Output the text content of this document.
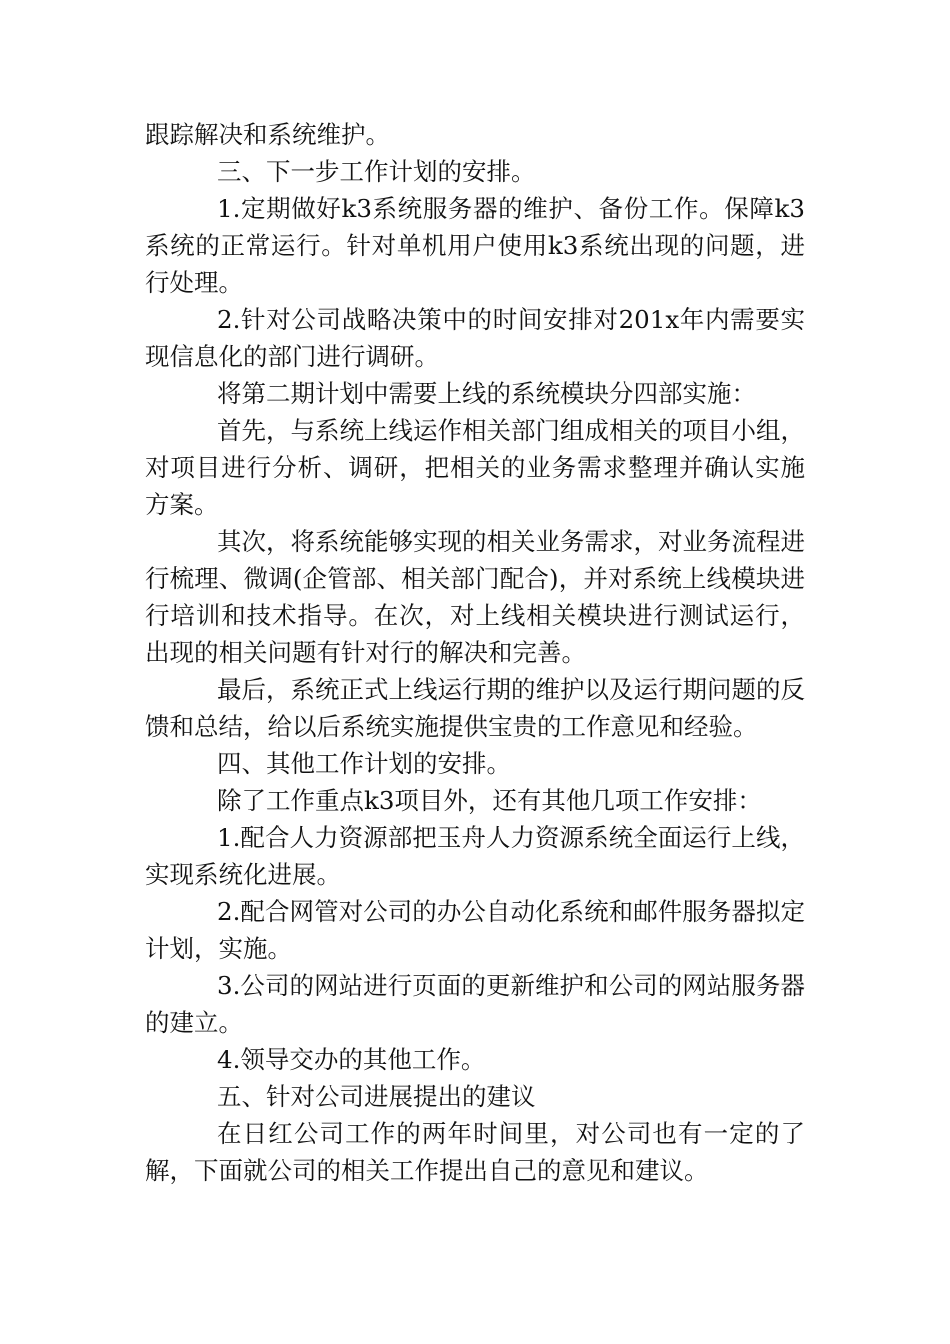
跟踪解决和系统维护。

三、下一步工作计划的安排。

1.定期做好k3系统服务器的维护、备份工作。保障k3系统的正常运行。针对单机用户使用k3系统出现的问题，进行处理。

2.针对公司战略决策中的时间安排对201x年内需要实现信息化的部门进行调研。

将第二期计划中需要上线的系统模块分四部实施：

首先，与系统上线运作相关部门组成相关的项目小组，对项目进行分析、调研，把相关的业务需求整理并确认实施方案。

其次，将系统能够实现的相关业务需求，对业务流程进行梳理、微调(企管部、相关部门配合)，并对系统上线模块进行培训和技术指导。在次，对上线相关模块进行测试运行，出现的相关问题有针对行的解决和完善。

最后，系统正式上线运行期的维护以及运行期问题的反馈和总结，给以后系统实施提供宝贵的工作意见和经验。

四、其他工作计划的安排。

除了工作重点k3项目外，还有其他几项工作安排：

1.配合人力资源部把玉舟人力资源系统全面运行上线，实现系统化进展。

2.配合网管对公司的办公自动化系统和邮件服务器拟定计划，实施。

3.公司的网站进行页面的更新维护和公司的网站服务器的建立。

4.领导交办的其他工作。

五、针对公司进展提出的建议

在日红公司工作的两年时间里，对公司也有一定的了解，下面就公司的相关工作提出自己的意见和建议。
